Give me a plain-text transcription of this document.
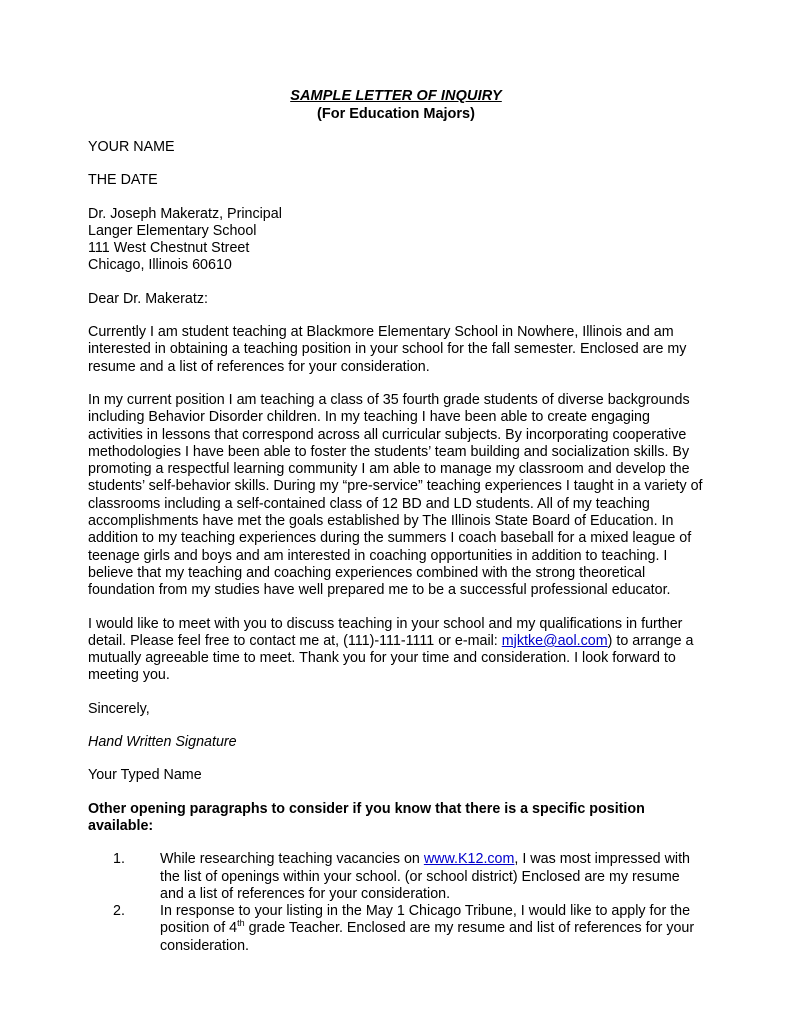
SAMPLE LETTER OF INQUIRY
(For Education Majors)

YOUR NAME

THE DATE

Dr. Joseph Makeratz, Principal
Langer Elementary School
111 West Chestnut Street
Chicago, Illinois 60610

Dear Dr. Makeratz:

Currently I am student teaching at Blackmore Elementary School in Nowhere, Illinois and am interested in obtaining a teaching position in your school for the fall semester. Enclosed are my resume and a list of references for your consideration.

In my current position I am teaching a class of 35 fourth grade students of diverse backgrounds including Behavior Disorder children. In my teaching I have been able to create engaging activities in lessons that correspond across all curricular subjects. By incorporating cooperative methodologies I have been able to foster the students’ team building and socialization skills. By promoting a respectful learning community I am able to manage my classroom and develop the students’ self-behavior skills. During my “pre-service” teaching experiences I taught in a variety of classrooms including a self-contained class of 12 BD and LD students. All of my teaching accomplishments have met the goals established by The Illinois State Board of Education. In addition to my teaching experiences during the summers I coach baseball for a mixed league of teenage girls and boys and am interested in coaching opportunities in addition to teaching. I believe that my teaching and coaching experiences combined with the strong theoretical foundation from my studies have well prepared me to be a successful professional educator.

I would like to meet with you to discuss teaching in your school and my qualifications in further detail. Please feel free to contact me at, (111)-111-1111 or e-mail: mjktke@aol.com) to arrange a mutually agreeable time to meet. Thank you for your time and consideration. I look forward to meeting you.

Sincerely,

Hand Written Signature

Your Typed Name

Other opening paragraphs to consider if you know that there is a specific position available:

1.	While researching teaching vacancies on www.K12.com, I was most impressed with the list of openings within your school. (or school district) Enclosed are my resume and a list of references for your consideration.
2.	In response to your listing in the May 1 Chicago Tribune, I would like to apply for the position of 4th grade Teacher. Enclosed are my resume and list of references for your consideration.
